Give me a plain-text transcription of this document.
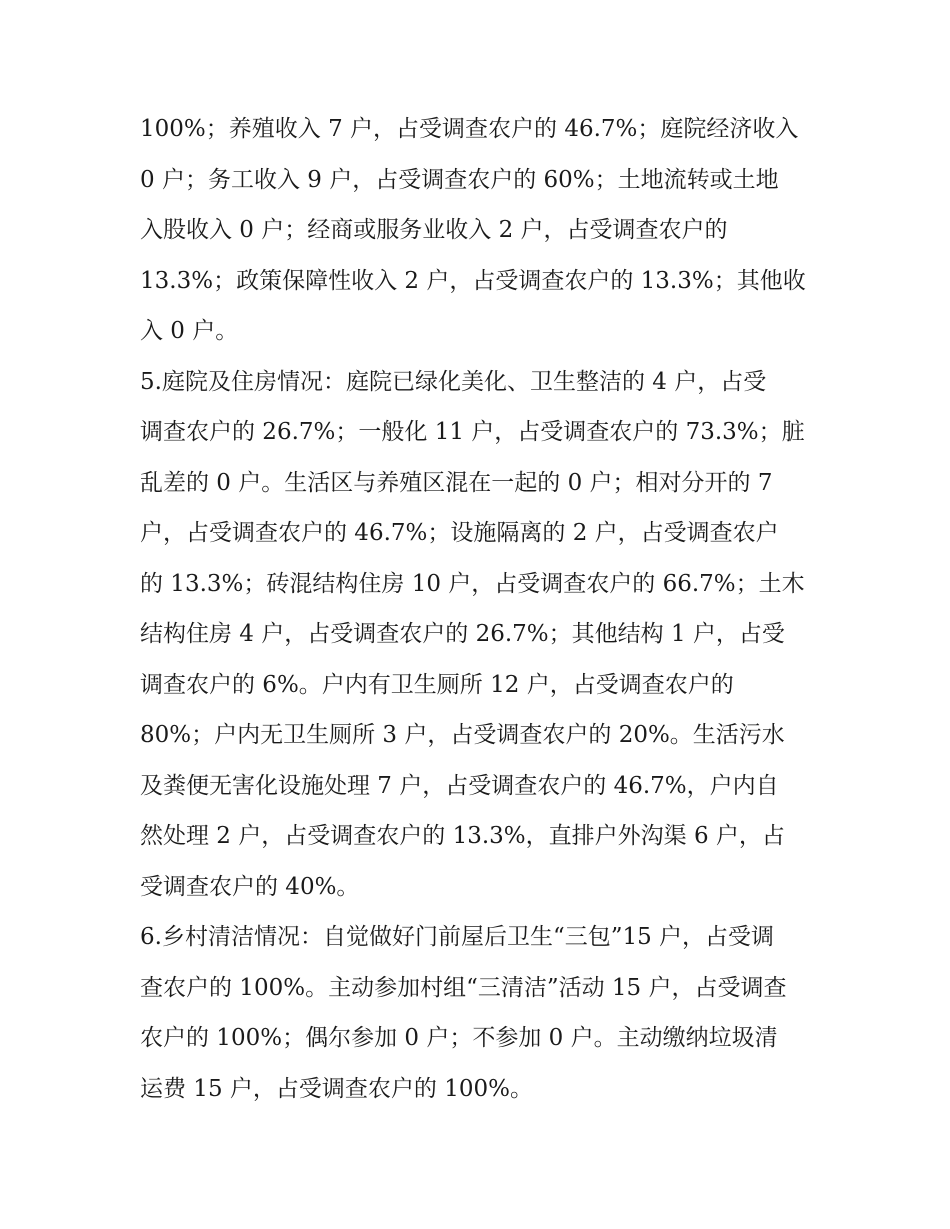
100%；养殖收入 7 户，占受调查农户的 46.7%；庭院经济收入
0 户；务工收入 9 户，占受调查农户的 60%；土地流转或土地
入股收入 0 户；经商或服务业收入 2 户，占受调查农户的
13.3%；政策保障性收入 2 户，占受调查农户的 13.3%；其他收
入 0 户。
5.庭院及住房情况：庭院已绿化美化、卫生整洁的 4 户，占受
调查农户的 26.7%；一般化 11 户，占受调查农户的 73.3%；脏
乱差的 0 户。生活区与养殖区混在一起的 0 户；相对分开的 7
户，占受调查农户的 46.7%；设施隔离的 2 户，占受调查农户
的 13.3%；砖混结构住房 10 户，占受调查农户的 66.7%；土木
结构住房 4 户，占受调查农户的 26.7%；其他结构 1 户，占受
调查农户的 6%。户内有卫生厕所 12 户，占受调查农户的
80%；户内无卫生厕所 3 户，占受调查农户的 20%。生活污水
及粪便无害化设施处理 7 户，占受调查农户的 46.7%，户内自
然处理 2 户，占受调查农户的 13.3%，直排户外沟渠 6 户，占
受调查农户的 40%。
6.乡村清洁情况：自觉做好门前屋后卫生“三包”15 户，占受调
查农户的 100%。主动参加村组“三清洁”活动 15 户，占受调查
农户的 100%；偶尔参加 0 户；不参加 0 户。主动缴纳垃圾清
运费 15 户，占受调查农户的 100%。
